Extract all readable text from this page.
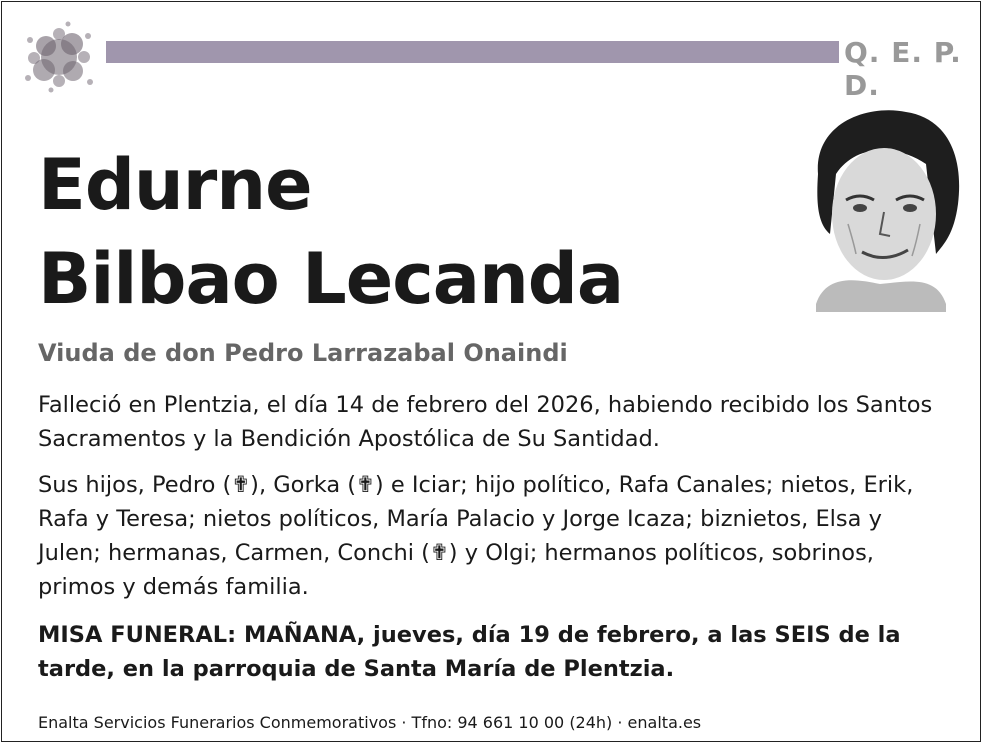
Q. E. P. D.
Edurne
Bilbao Lecanda
Viuda de don Pedro Larrazabal Onaindi
Falleció en Plentzia, el día 14 de febrero del 2026, habiendo recibido los Santos Sacramentos y la Bendición Apostólica de Su Santidad.
Sus hijos, Pedro (✟), Gorka (✟) e Iciar; hijo político, Rafa Canales; nietos, Erik, Rafa y Teresa; nietos políticos, María Palacio y Jorge Icaza; biznietos, Elsa y Julen; hermanas, Carmen, Conchi (✟) y Olgi; hermanos políticos, sobrinos, primos y demás familia.
MISA FUNERAL: MAÑANA, jueves, día 19 de febrero, a las SEIS de la tarde, en la parroquia de Santa María de Plentzia.
Enalta Servicios Funerarios Conmemorativos · Tfno: 94 661 10 00 (24h) · enalta.es
